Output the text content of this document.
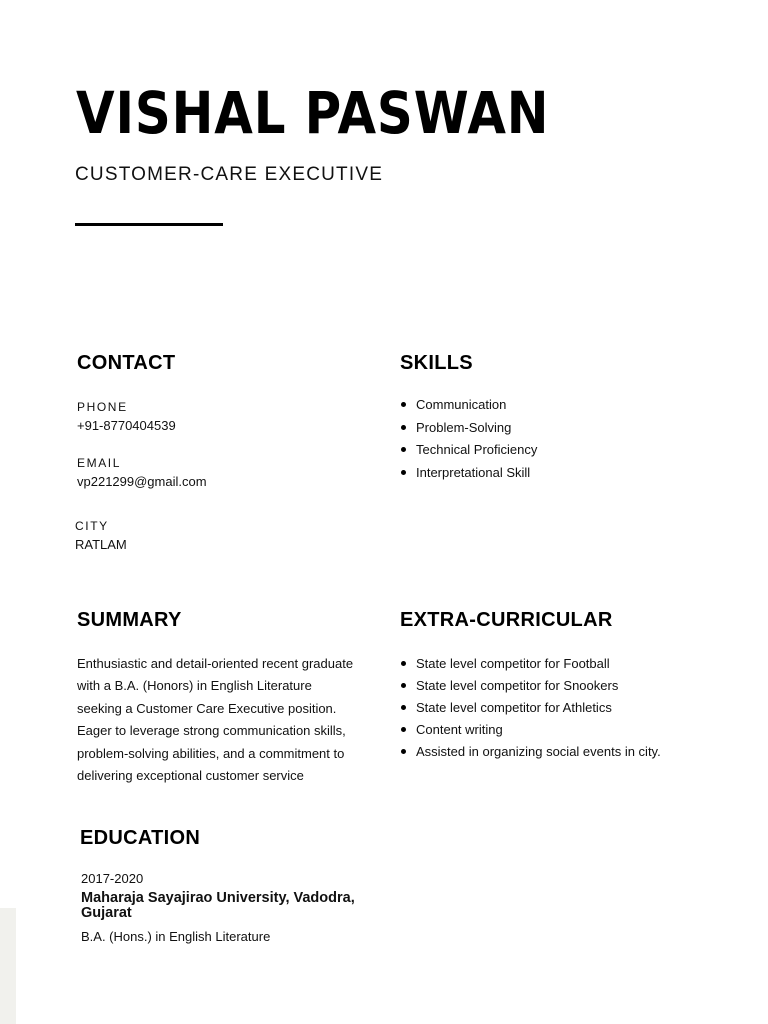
VISHAL PASWAN
CUSTOMER-CARE EXECUTIVE
CONTACT
PHONE
+91-8770404539
EMAIL
vp221299@gmail.com
CITY
RATLAM
SKILLS
Communication
Problem-Solving
Technical Proficiency
Interpretational Skill
SUMMARY

Enthusiastic and detail-oriented recent graduate with a B.A. (Honors) in English Literature seeking a Customer Care Executive position. Eager to leverage strong communication skills, problem-solving abilities, and a commitment to delivering exceptional customer service

EXTRA-CURRICULAR
State level competitor for Football
State level competitor for Snookers
State level competitor for Athletics
Content writing
Assisted in organizing social events in city.
EDUCATION
2017-2020
Maharaja Sayajirao University, Vadodra, Gujarat
B.A. (Hons.) in English Literature
